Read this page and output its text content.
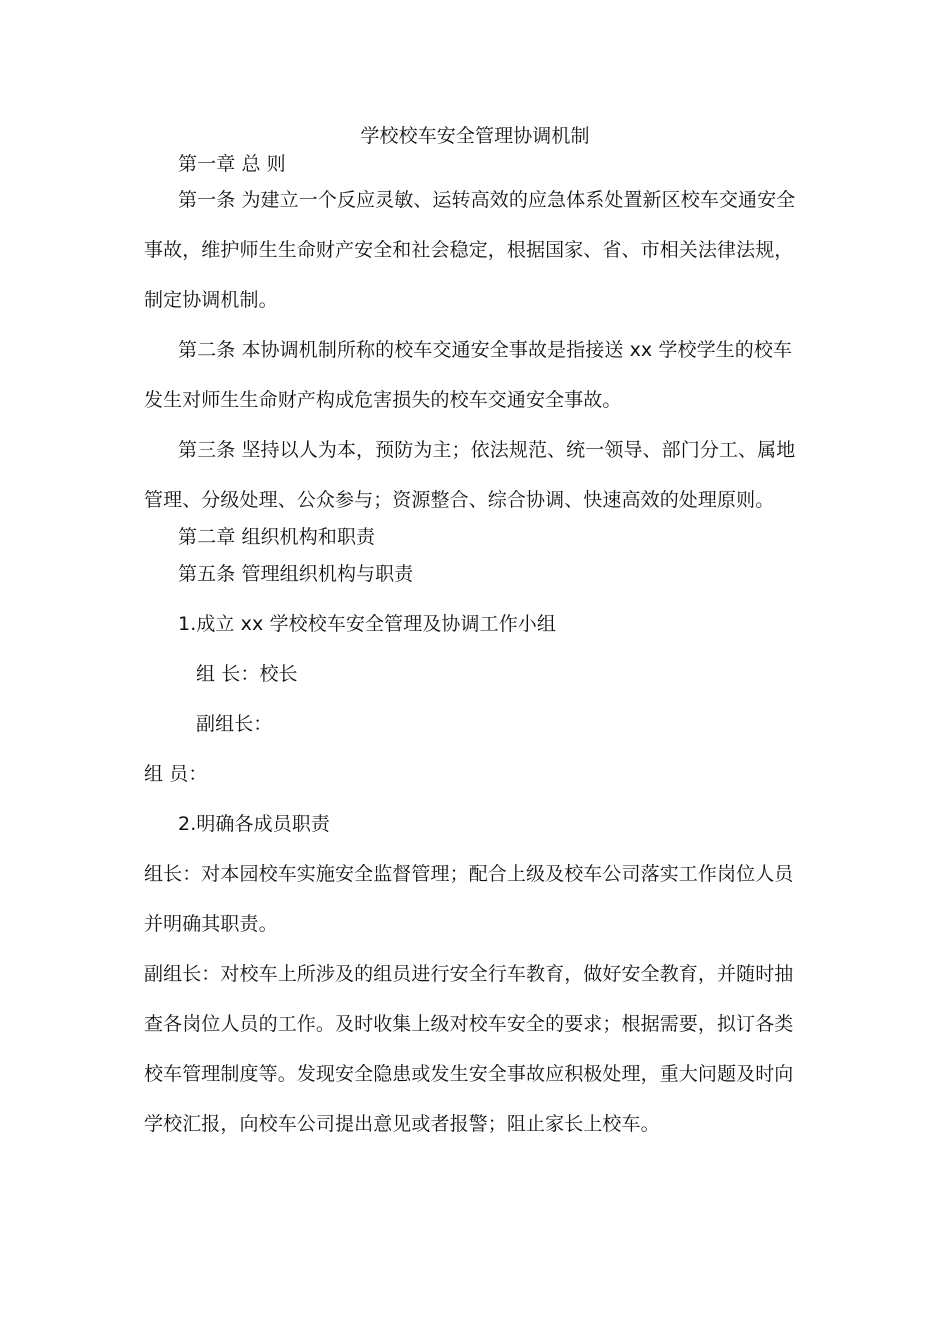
学校校车安全管理协调机制
第一章 总 则
第一条 为建立一个反应灵敏、运转高效的应急体系处置新区校车交通安全
事故，维护师生生命财产安全和社会稳定，根据国家、省、市相关法律法规，
制定协调机制。
第二条 本协调机制所称的校车交通安全事故是指接送 xx 学校学生的校车
发生对师生生命财产构成危害损失的校车交通安全事故。
第三条 坚持以人为本，预防为主；依法规范、统一领导、部门分工、属地
管理、分级处理、公众参与；资源整合、综合协调、快速高效的处理原则。
第二章 组织机构和职责
第五条 管理组织机构与职责
1.成立 xx 学校校车安全管理及协调工作小组
组 长：校长
副组长：
组 员：
2.明确各成员职责
组长：对本园校车实施安全监督管理；配合上级及校车公司落实工作岗位人员
并明确其职责。
副组长：对校车上所涉及的组员进行安全行车教育，做好安全教育，并随时抽
查各岗位人员的工作。及时收集上级对校车安全的要求；根据需要，拟订各类
校车管理制度等。发现安全隐患或发生安全事故应积极处理，重大问题及时向
学校汇报，向校车公司提出意见或者报警；阻止家长上校车。
